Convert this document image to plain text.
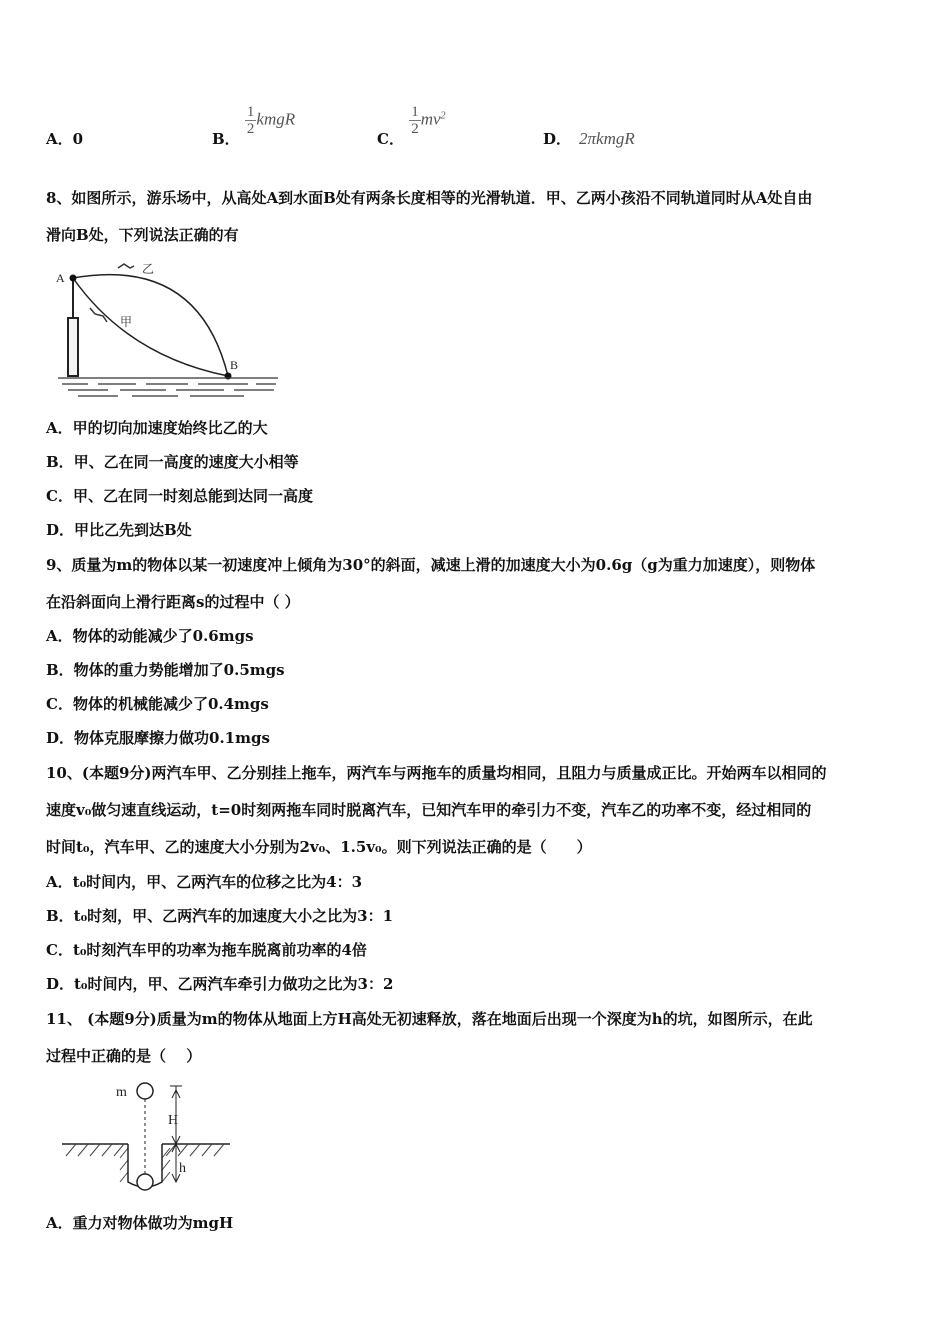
A．0	B．
$\frac{1}{2}$ kmgR
C．
$\frac{1}{2} mv^2$
D． 2πkmgR
8、如图所示，游乐场中，从高处A到水面B处有两条长度相等的光滑轨道．甲、乙两小孩沿不同轨道同时从A处自由
滑向B处，下列说法正确的有
A
B
乙
甲
A．甲的切向加速度始终比乙的大
B．甲、乙在同一高度的速度大小相等
C．甲、乙在同一时刻总能到达同一高度
D．甲比乙先到达B处
9、质量为m的物体以某一初速度冲上倾角为30°的斜面，减速上滑的加速度大小为0.6g（g为重力加速度），则物体
在沿斜面向上滑行距离s的过程中（ ）
A．物体的动能减少了0.6mgs
B．物体的重力势能增加了0.5mgs
C．物体的机械能减少了0.4mgs
D．物体克服摩擦力做功0.1mgs
10、(本题9分)两汽车甲、乙分别挂上拖车，两汽车与两拖车的质量均相同，且阻力与质量成正比。开始两车以相同的
速度v₀做匀速直线运动，t=0时刻两拖车同时脱离汽车，已知汽车甲的牵引力不变，汽车乙的功率不变，经过相同的
时间t₀，汽车甲、乙的速度大小分别为2v₀、1.5v₀。则下列说法正确的是（　　）
A．t₀时间内，甲、乙两汽车的位移之比为4：3
B．t₀时刻，甲、乙两汽车的加速度大小之比为3：1
C．t₀时刻汽车甲的功率为拖车脱离前功率的4倍
D．t₀时间内，甲、乙两汽车牵引力做功之比为3：2
11、 (本题9分)质量为m的物体从地面上方H高处无初速释放，落在地面后出现一个深度为h的坑，如图所示，在此
过程中正确的是（　 ）
m
H
h
A．重力对物体做功为mgH
